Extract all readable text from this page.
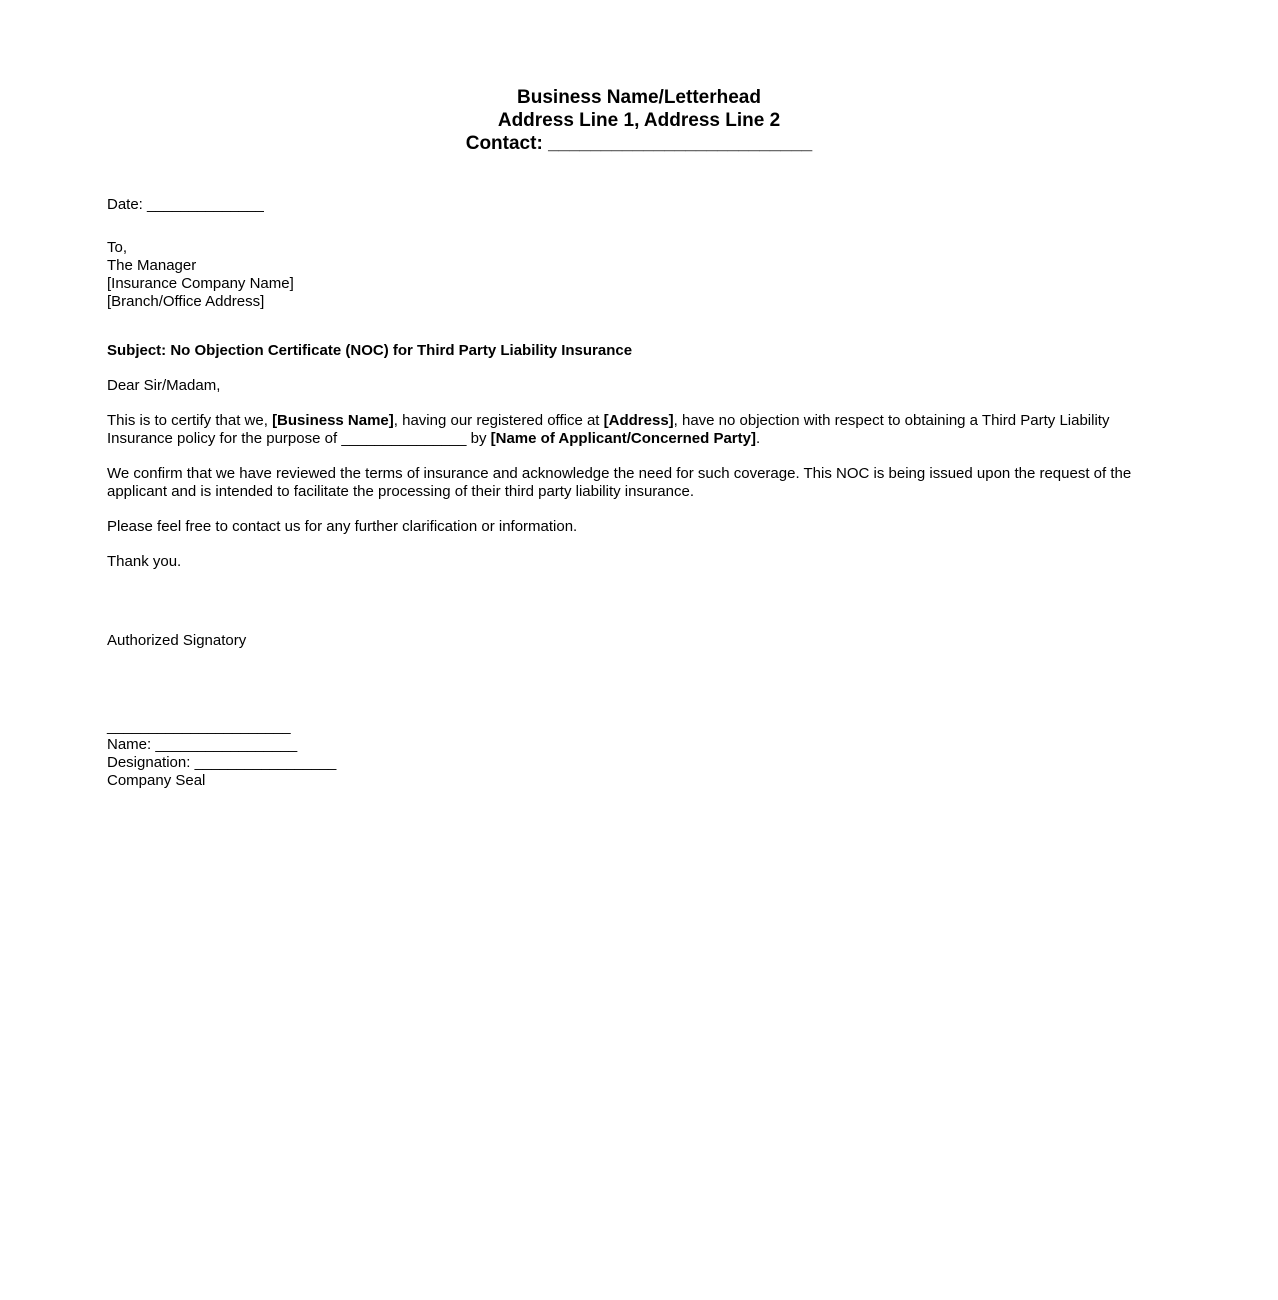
Business Name/Letterhead
Address Line 1, Address Line 2
Contact: _________________________
Date: ______________
To,
The Manager
[Insurance Company Name]
[Branch/Office Address]
Subject: No Objection Certificate (NOC) for Third Party Liability Insurance
Dear Sir/Madam,

This is to certify that we, [Business Name], having our registered office at [Address], have no objection with respect to obtaining a Third Party Liability Insurance policy for the purpose of _______________ by [Name of Applicant/Concerned Party].

We confirm that we have reviewed the terms of insurance and acknowledge the need for such coverage. This NOC is being issued upon the request of the applicant and is intended to facilitate the processing of their third party liability insurance.

Please feel free to contact us for any further clarification or information.

Thank you.

Authorized Signatory
______________________
Name: _________________
Designation: _________________
Company Seal
